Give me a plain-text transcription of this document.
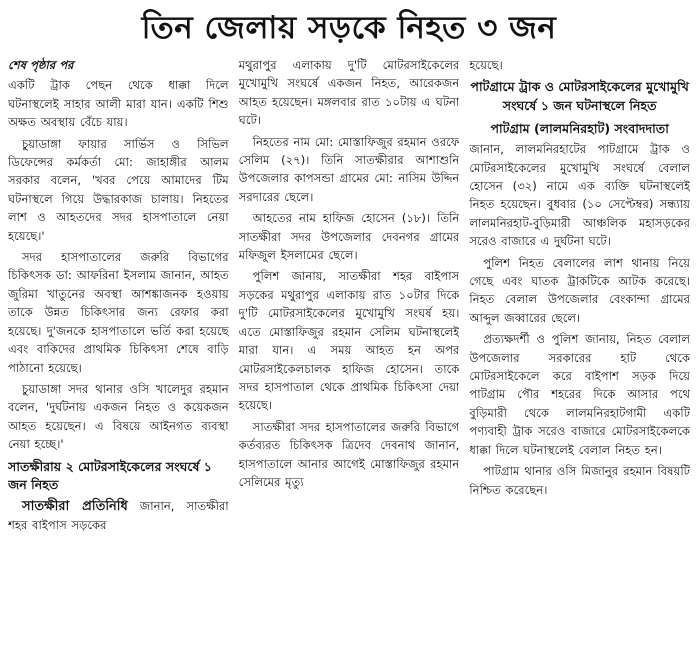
তিন জেলায় সড়কে নিহত ৩ জন
শেষ পৃষ্ঠার পর

একটি ট্রাক পেছন থেকে ধাক্কা দিলে ঘটনাস্থলেই সাহার আলী মারা যান। একটি শিশু অক্ষত অবস্থায় বেঁচে যায়।

চুয়াডাঙ্গা ফায়ার সার্ভিস ও সিভিল ডিফেন্সের কর্মকর্তা মো: জাহাঙ্গীর আলম সরকার বলেন, 'খবর পেয়ে আমাদের টিম ঘটনাস্থলে গিয়ে উদ্ধারকাজ চালায়। নিহতের লাশ ও আহতদের সদর হাসপাতালে নেয়া হয়েছে।'

সদর হাসপাতালের জরুরি বিভাগের চিকিৎসক ডা: আফরিনা ইসলাম জানান, আহত জুরিমা খাতুনের অবস্থা আশঙ্কাজনক হওয়ায় তাকে উন্নত চিকিৎসার জন্য রেফার করা হয়েছে। দু'জনকে হাসপাতালে ভর্তি করা হয়েছে এবং বাকিদের প্রাথমিক চিকিৎসা শেষে বাড়ি পাঠানো হয়েছে।

চুয়াডাঙ্গা সদর থানার ওসি খালেদুর রহমান বলেন, 'দুর্ঘটনায় একজন নিহত ও কয়েকজন আহত হয়েছেন। এ বিষয়ে আইনগত ব্যবস্থা নেয়া হচ্ছে।'

সাতক্ষীরায় ২ মোটরসাইকেলের সংঘর্ষে ১ জন নিহত

সাতক্ষীরা প্রতিনিধি জানান, সাতক্ষীরা শহর বাইপাস সড়কের

মথুরাপুর এলাকায় দু'টি মোটরসাইকেলের মুখোমুখি সংঘর্ষে একজন নিহত, আরেকজন আহত হয়েছেন। মঙ্গলবার রাত ১০টায় এ ঘটনা ঘটে।

নিহতের নাম মো: মোস্তাফিজুর রহমান ওরফে সেলিম (২৭)। তিনি সাতক্ষীরার আশাশুনি উপজেলার কাপসন্ডা গ্রামের মো: নাসিম উদ্দিন সরদারের ছেলে।

আহতের নাম হাফিজ হোসেন (১৮)। তিনি সাতক্ষীরা সদর উপজেলার দেবনগর গ্রামের মফিজুল ইসলামের ছেলে।

পুলিশ জানায়, সাতক্ষীরা শহর বাইপাস সড়কের মথুরাপুর এলাকায় রাত ১০টার দিকে দু'টি মোটরসাইকেলের মুখোমুখি সংঘর্ষ হয়। এতে মোস্তাফিজুর রহমান সেলিম ঘটনাস্থলেই মারা যান। এ সময় আহত হন অপর মোটরসাইকেলচালক হাফিজ হোসেন। তাকে সদর হাসপাতাল থেকে প্রাথমিক চিকিৎসা দেয়া হয়েছে।

সাতক্ষীরা সদর হাসপাতালের জরুরি বিভাগে কর্তব্যরত চিকিৎসক ত্রিদেব দেবনাথ জানান, হাসপাতালে আনার আগেই মোস্তাফিজুর রহমান সেলিমের মৃত্যু

হয়েছে।

পাটগ্রামে ট্রাক ও মোটরসাইকেলের মুখোমুখি সংঘর্ষে ১ জন ঘটনাস্থলে নিহত
পাটগ্রাম (লালমনিরহাট) সংবাদদাতা

জানান, লালমনিরহাটের পাটগ্রামে ট্রাক ও মোটরসাইকেলের মুখোমুখি সংঘর্ষে বেলাল হোসেন (৩২) নামে এক ব্যক্তি ঘটনাস্থলেই নিহত হয়েছেন। বুধবার (১০ সেপ্টেম্বর) সন্ধ্যায় লালমনিরহাট-বুড়িমারী আঞ্চলিক মহাসড়কের সরেও বাজারে এ দুর্ঘটনা ঘটে।

পুলিশ নিহত বেলালের লাশ থানায় নিয়ে গেছে এবং ঘাতক ট্রাকটিকে আটক করেছে। নিহত বেলাল উপজেলার বেংকান্দা গ্রামের আব্দুল জব্বারের ছেলে।

প্রত্যক্ষদর্শী ও পুলিশ জানায়, নিহত বেলাল উপজেলার সরকারের হাট থেকে মোটরসাইকেলে করে বাইপাশ সড়ক দিয়ে পাটগ্রাম পৌর শহরের দিকে আসার পথে বুড়িমারী থেকে লালমনিরহাটগামী একটি পণ্যবাহী ট্রাক সরেও বাজারে মোটরসাইকেলকে ধাক্কা দিলে ঘটনাস্থলেই বেলাল নিহত হন।

পাটগ্রাম থানার ওসি মিজানুর রহমান বিষয়টি নিশ্চিত করেছেন।
